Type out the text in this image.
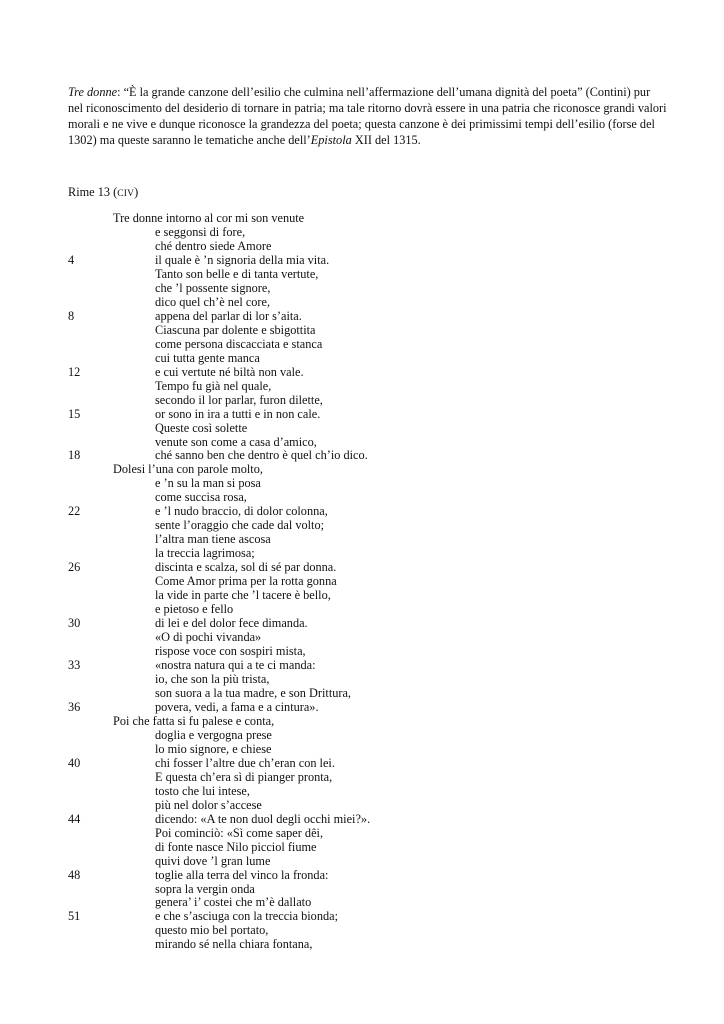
Tre donne: “È la grande canzone dell’esilio che culmina nell’affermazione dell’umana dignità del poeta” (Contini) pur nel riconoscimento del desiderio di tornare in patria; ma tale ritorno dovrà essere in una patria che riconosce grandi valori morali e ne vive e dunque riconosce la grandezza del poeta; questa canzone è dei primissimi tempi dell’esilio (forse del 1302) ma queste saranno le tematiche anche dell’Epistola XII del 1315.

Rime 13 (CIV)

Tre donne intorno al cor mi son venute
e seggonsi di fore,
ché dentro siede Amore
4	il quale è ’n signoria della mia vita.
Tanto son belle e di tanta vertute,
che ’l possente signore,
dico quel ch’è nel core,
8	appena del parlar di lor s’aita.
Ciascuna par dolente e sbigottita
come persona discacciata e stanca
cui tutta gente manca
12	e cui vertute né biltà non vale.
Tempo fu già nel quale,
secondo il lor parlar, furon dilette,
15	or sono in ira a tutti e in non cale.
Queste così solette
venute son come a casa d’amico,
18	ché sanno ben che dentro è quel ch’io dico.
Dolesi l’una con parole molto,
e ’n su la man si posa
come succisa rosa,
22	e ’l nudo braccio, di dolor colonna,
sente l’oraggio che cade dal volto;
l’altra man tiene ascosa
la treccia lagrimosa;
26	discinta e scalza, sol di sé par donna.
Come Amor prima per la rotta gonna
la vide in parte che ’l tacere è bello,
e pietoso e fello
30	di lei e del dolor fece dimanda.
«O di pochi vivanda»
rispose voce con sospiri mista,
33	«nostra natura qui a te ci manda:
io, che son la più trista,
son suora a la tua madre, e son Drittura,
36	povera, vedi, a fama e a cintura».
Poi che fatta si fu palese e conta,
doglia e vergogna prese
lo mio signore, e chiese
40	chi fosser l’altre due ch’eran con lei.
E questa ch’era sì di pianger pronta,
tosto che lui intese,
più nel dolor s’accese
44	dicendo: «A te non duol degli occhi miei?».
Poi cominciò: «Sì come saper dêi,
di fonte nasce Nilo picciol fiume
quivi dove ’l gran lume
48	toglie alla terra del vinco la fronda:
sopra la vergin onda
genera’ i’ costei che m’è dallato
51	e che s’asciuga con la treccia bionda;
questo mio bel portato,
mirando sé nella chiara fontana,
